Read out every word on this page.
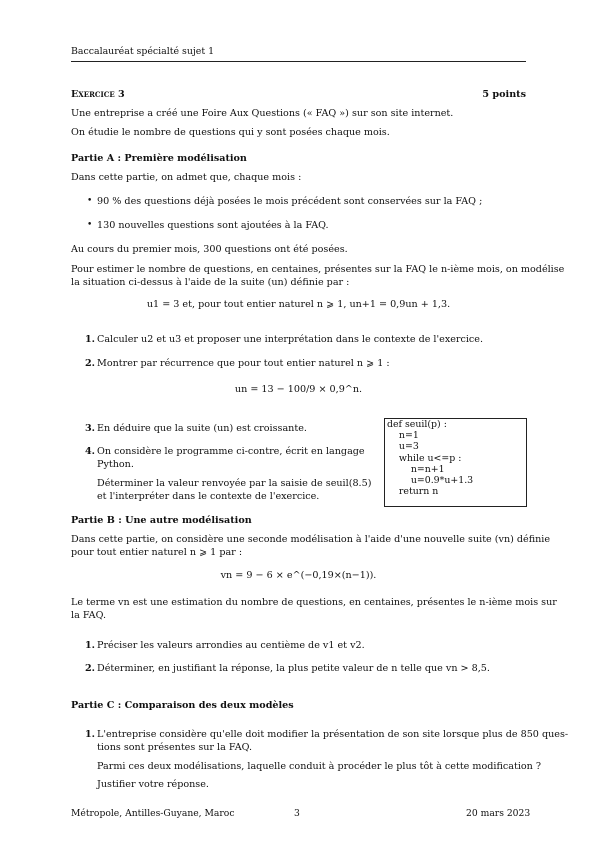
Baccalauréat spécialté sujet 1
Exercice 3	5 points
Une entreprise a créé une Foire Aux Questions (« FAQ ») sur son site internet.
On étudie le nombre de questions qui y sont posées chaque mois.
Partie A : Première modélisation
Dans cette partie, on admet que, chaque mois :
• 90 % des questions déjà posées le mois précédent sont conservées sur la FAQ ;
• 130 nouvelles questions sont ajoutées à la FAQ.
Au cours du premier mois, 300 questions ont été posées.
Pour estimer le nombre de questions, en centaines, présentes sur la FAQ le n-ième mois, on modélise
la situation ci-dessus à l'aide de la suite (un) définie par :
u1 = 3 et, pour tout entier naturel n ⩾ 1, un+1 = 0,9un + 1,3.
1. Calculer u2 et u3 et proposer une interprétation dans le contexte de l'exercice.
2. Montrer par récurrence que pour tout entier naturel n ⩾ 1 :
un = 13 − 100/9 × 0,9^n.
3. En déduire que la suite (un) est croissante.
4. On considère le programme ci-contre, écrit en langage
Python.
Déterminer la valeur renvoyée par la saisie de seuil(8.5)
et l'interpréter dans le contexte de l'exercice.
def seuil(p) :
n=1
u=3
while u<=p :
n=n+1
u=0.9*u+1.3
return n
Partie B : Une autre modélisation
Dans cette partie, on considère une seconde modélisation à l'aide d'une nouvelle suite (vn) définie
pour tout entier naturel n ⩾ 1 par :
vn = 9 − 6 × e^(−0,19×(n−1)).
Le terme vn est une estimation du nombre de questions, en centaines, présentes le n-ième mois sur
la FAQ.
1. Préciser les valeurs arrondies au centième de v1 et v2.
2. Déterminer, en justifiant la réponse, la plus petite valeur de n telle que vn > 8,5.
Partie C : Comparaison des deux modèles
1. L'entreprise considère qu'elle doit modifier la présentation de son site lorsque plus de 850 ques-
tions sont présentes sur la FAQ.
Parmi ces deux modélisations, laquelle conduit à procéder le plus tôt à cette modification ?
Justifier votre réponse.
Métropole, Antilles-Guyane, Maroc	3	20 mars 2023
